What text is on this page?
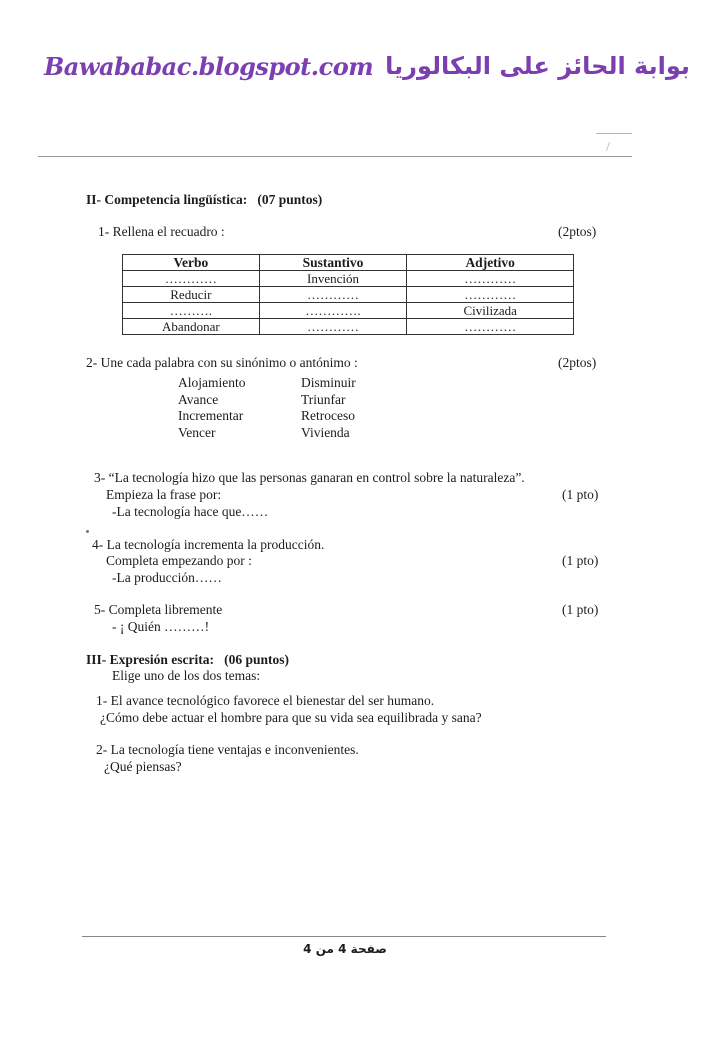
Bawababac.blogspot.com بوابة الحائز على البكالوريا
/
II- Competencia lingüística: (07 puntos)
1- Rellena el recuadro :	(2ptos)
Verbo	Sustantivo	Adjetivo
…………	Invención	…………
Reducir	…………	…………
……….	………….	Civilizada
Abandonar	…………	…………
2- Une cada palabra con su sinónimo o antónimo :	(2ptos)
Alojamiento
Avance
Incrementar
Vencer
Disminuir
Triunfar
Retroceso
Vivienda
3- “La tecnología hizo que las personas ganaran en control sobre la naturaleza”.
Empieza la frase por:	(1 pto)
-La tecnología hace que……
4- La tecnología incrementa la producción.
Completa empezando por :	(1 pto)
-La producción……
5- Completa libremente	(1 pto)
- ¡ Quién ………!
III- Expresión escrita: (06 puntos)
Elige uno de los dos temas:
1- El avance tecnológico favorece el bienestar del ser humano.
¿Cómo debe actuar el hombre para que su vida sea equilibrada y sana?
2- La tecnología tiene ventajas e inconvenientes.
¿Qué piensas?
صفحة 4 من 4
